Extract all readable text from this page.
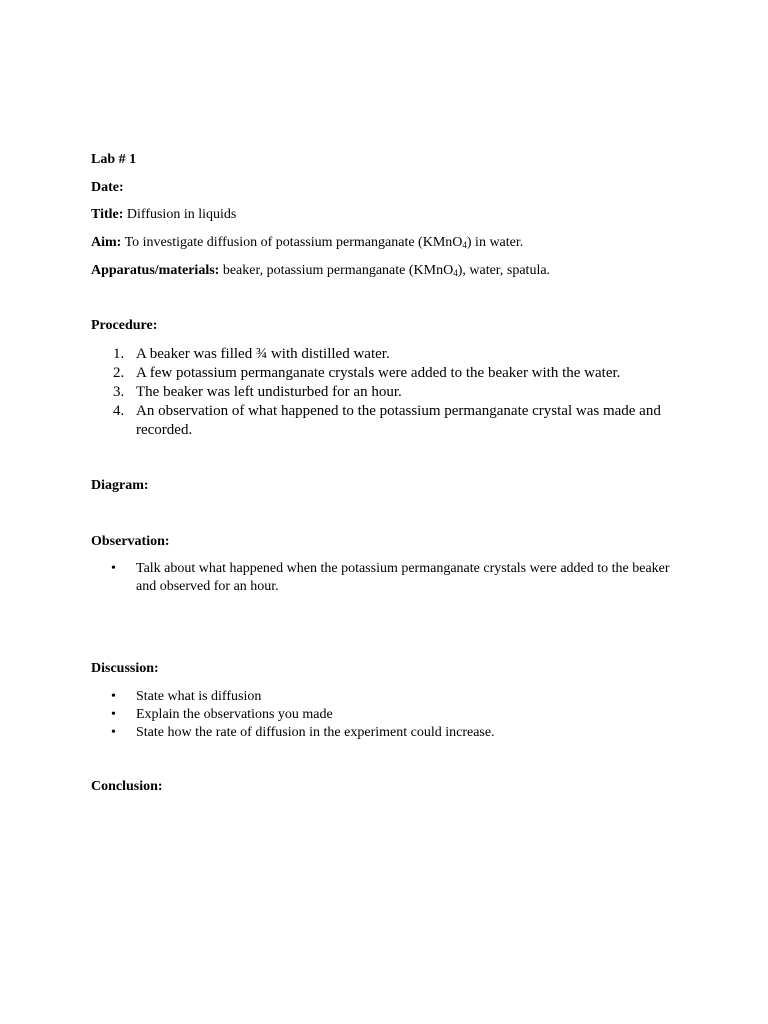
Lab # 1
Date:
Title: Diffusion in liquids
Aim: To investigate diffusion of potassium permanganate (KMnO$_4$) in water.
Apparatus/materials: beaker, potassium permanganate (KMnO$_4$), water, spatula.
Procedure:
1. A beaker was filled ¾ with distilled water.
2. A few potassium permanganate crystals were added to the beaker with the water.
3. The beaker was left undisturbed for an hour.
4. An observation of what happened to the potassium permanganate crystal was made and recorded.
Diagram:
Observation:
• Talk about what happened when the potassium permanganate crystals were added to the beaker and observed for an hour.
Discussion:
• State what is diffusion
• Explain the observations you made
• State how the rate of diffusion in the experiment could increase.
Conclusion:
